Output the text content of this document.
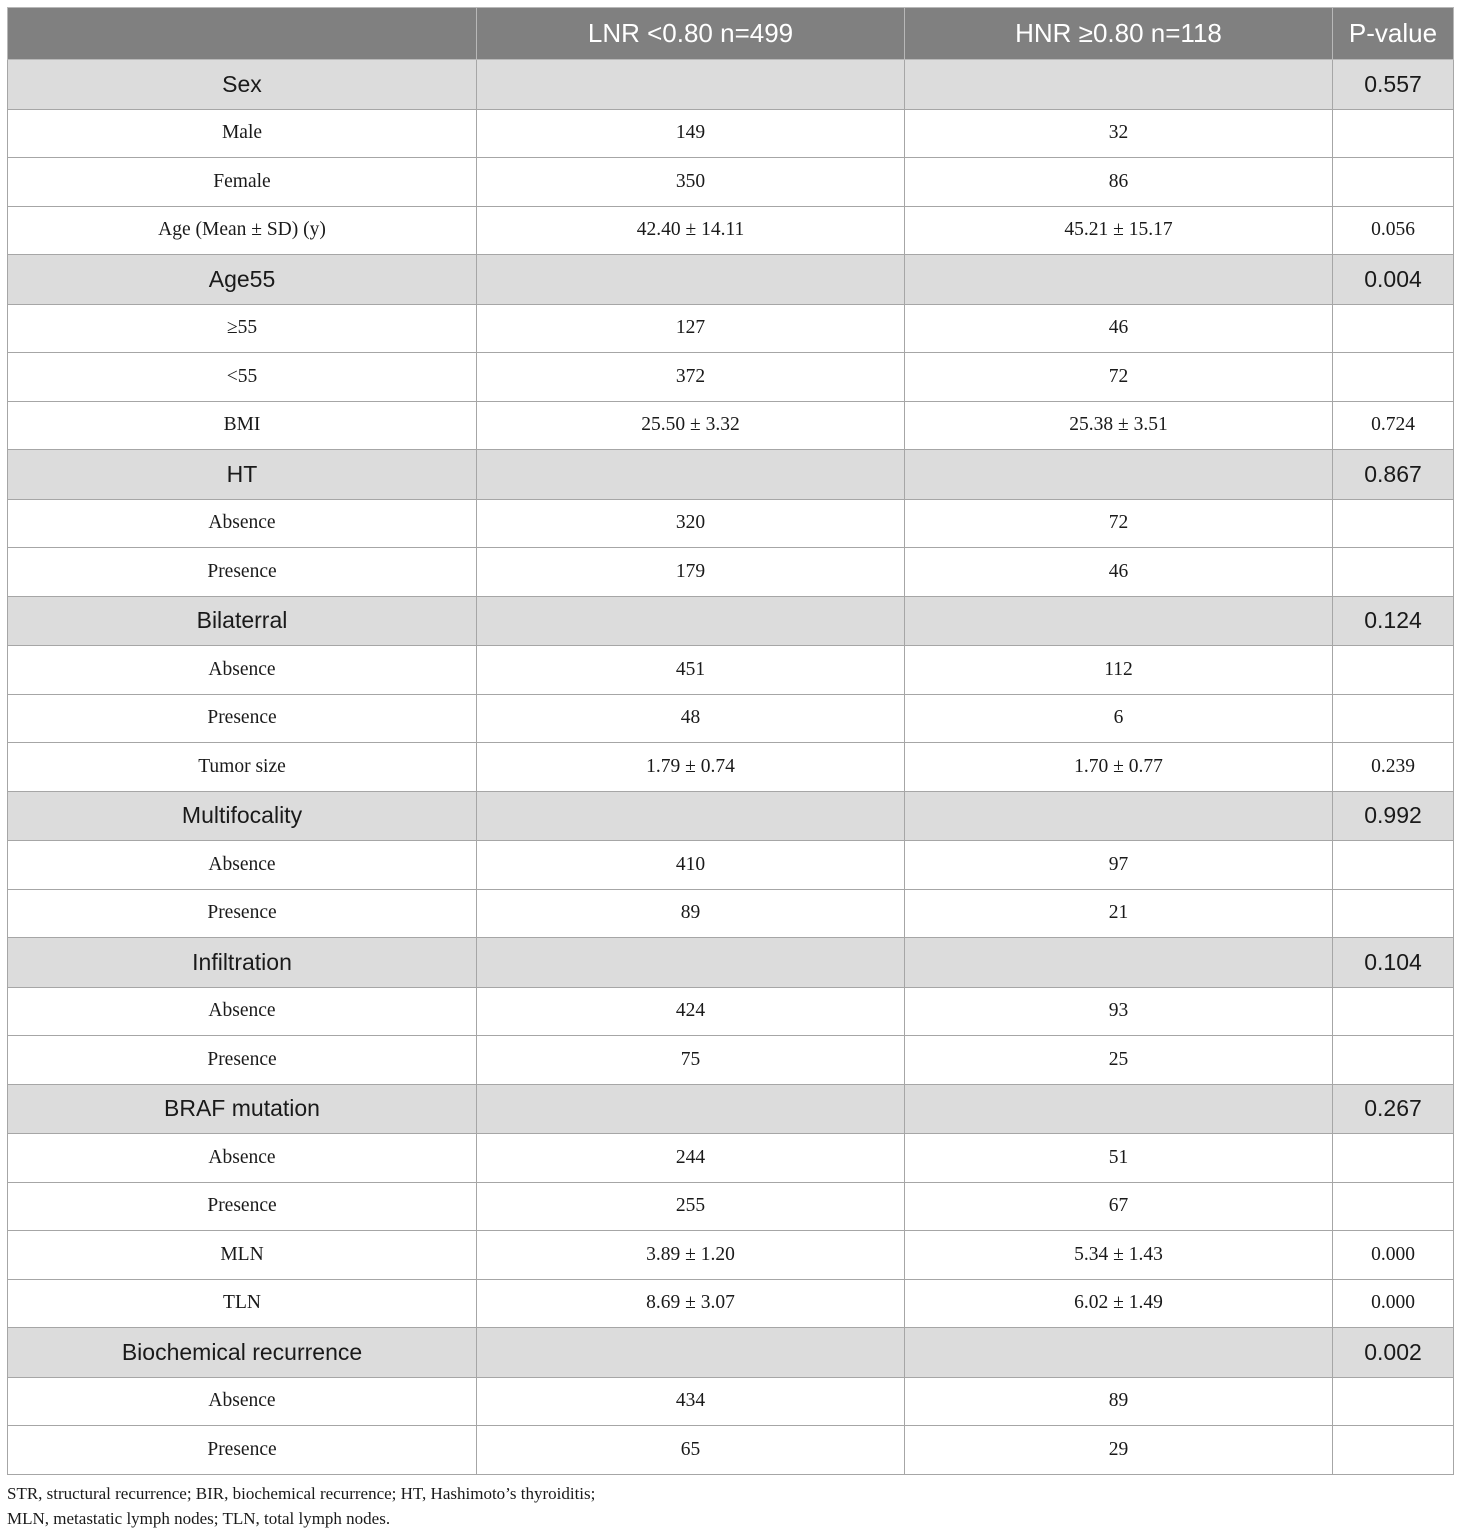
	LNR <0.80 n=499	HNR ≥0.80 n=118	P-value
Sex			0.557
Male	149	32	
Female	350	86	
Age (Mean ± SD) (y)	42.40 ± 14.11	45.21 ± 15.17	0.056
Age55			0.004
≥55	127	46	
<55	372	72	
BMI	25.50 ± 3.32	25.38 ± 3.51	0.724
HT			0.867
Absence	320	72	
Presence	179	46	
Bilaterral			0.124
Absence	451	112	
Presence	48	6	
Tumor size	1.79 ± 0.74	1.70 ± 0.77	0.239
Multifocality			0.992
Absence	410	97	
Presence	89	21	
Infiltration			0.104
Absence	424	93	
Presence	75	25	
BRAF mutation			0.267
Absence	244	51	
Presence	255	67	
MLN	3.89 ± 1.20	5.34 ± 1.43	0.000
TLN	8.69 ± 3.07	6.02 ± 1.49	0.000
Biochemical recurrence			0.002
Absence	434	89	
Presence	65	29	
STR, structural recurrence; BIR, biochemical recurrence; HT, Hashimoto’s thyroiditis;
MLN, metastatic lymph nodes; TLN, total lymph nodes.
